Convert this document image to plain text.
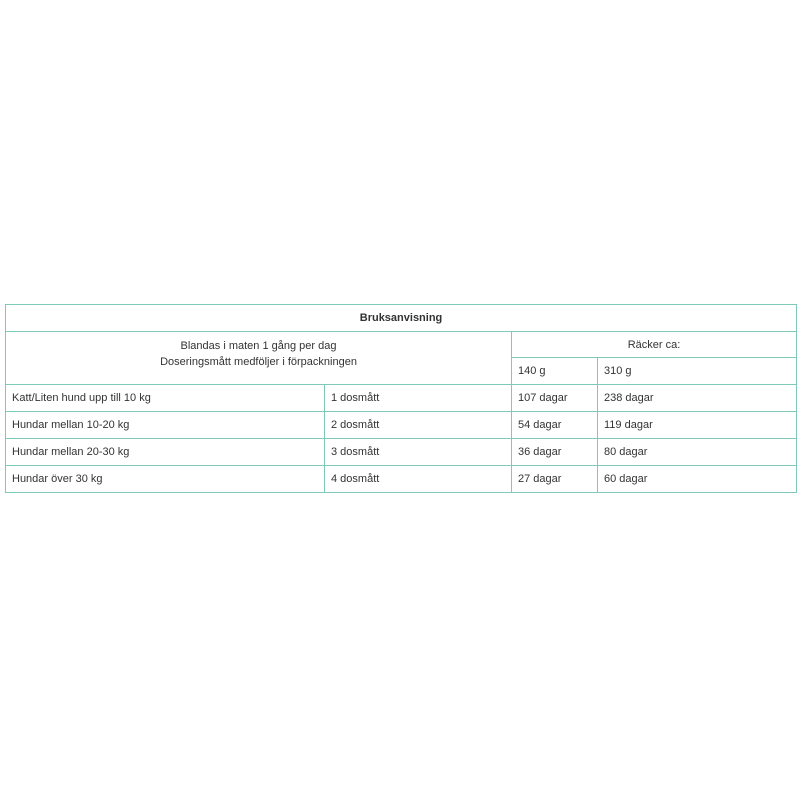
Bruksanvisning			

Blandas i maten 1 gång per dag
Doseringsmått medföljer i förpackningen		Räcker ca:	
		140 g	310 g
Katt/Liten hund upp till 10 kg	1 dosmått	107 dagar	238 dagar
Hundar mellan 10-20 kg	2 dosmått	54 dagar	119 dagar
Hundar mellan 20-30 kg	3 dosmått	36 dagar	80 dagar
Hundar över 30 kg	4 dosmått	27 dagar	60 dagar
